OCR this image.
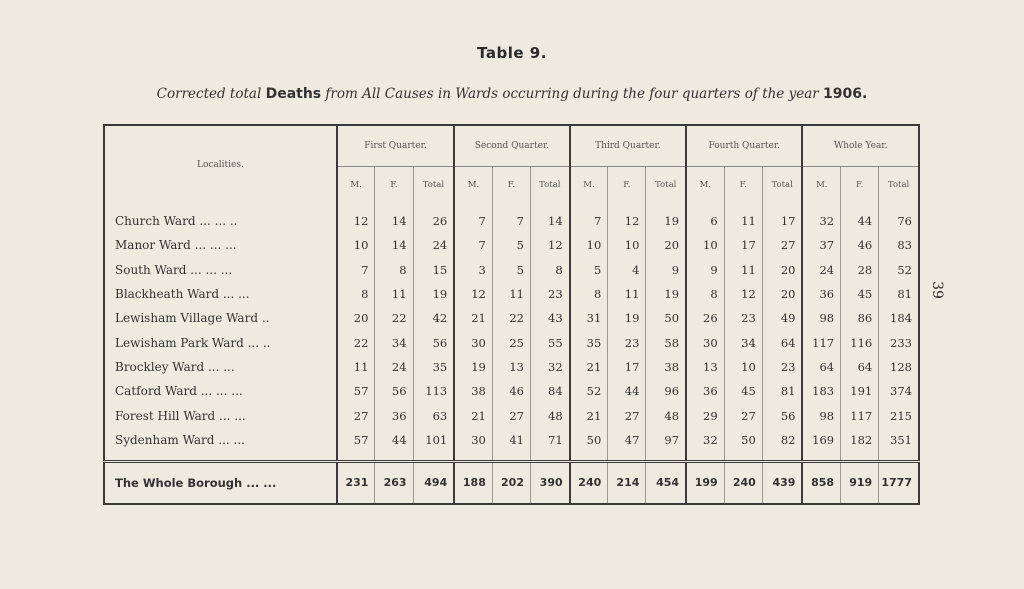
Table 9.
Corrected total Deaths from All Causes in Wards occurring during the four quarters of the year 1906.
39
Localities.	First Quarter.			Second Quarter.			Third Quarter.			Fourth Quarter.			Whole Year.		
	M.	F.	Total	M.	F.	Total	M.	F.	Total	M.	F.	Total	M.	F.	Total
Church Ward ... ... ..	12	14	26	7	7	14	7	12	19	6	11	17	32	44	76
Manor Ward ... ... ...	10	14	24	7	5	12	10	10	20	10	17	27	37	46	83
South Ward ... ... ...	7	8	15	3	5	8	5	4	9	9	11	20	24	28	52
Blackheath Ward ... ...	8	11	19	12	11	23	8	11	19	8	12	20	36	45	81
Lewisham Village Ward ..	20	22	42	21	22	43	31	19	50	26	23	49	98	86	184
Lewisham Park Ward ... ..	22	34	56	30	25	55	35	23	58	30	34	64	117	116	233
Brockley Ward ... ...	11	24	35	19	13	32	21	17	38	13	10	23	64	64	128
Catford Ward ... ... ...	57	56	113	38	46	84	52	44	96	36	45	81	183	191	374
Forest Hill Ward ... ...	27	36	63	21	27	48	21	27	48	29	27	56	98	117	215
Sydenham Ward ... ...	57	44	101	30	41	71	50	47	97	32	50	82	169	182	351

The Whole Borough ... ...	231	263	494	188	202	390	240	214	454	199	240	439	858	919	1777
